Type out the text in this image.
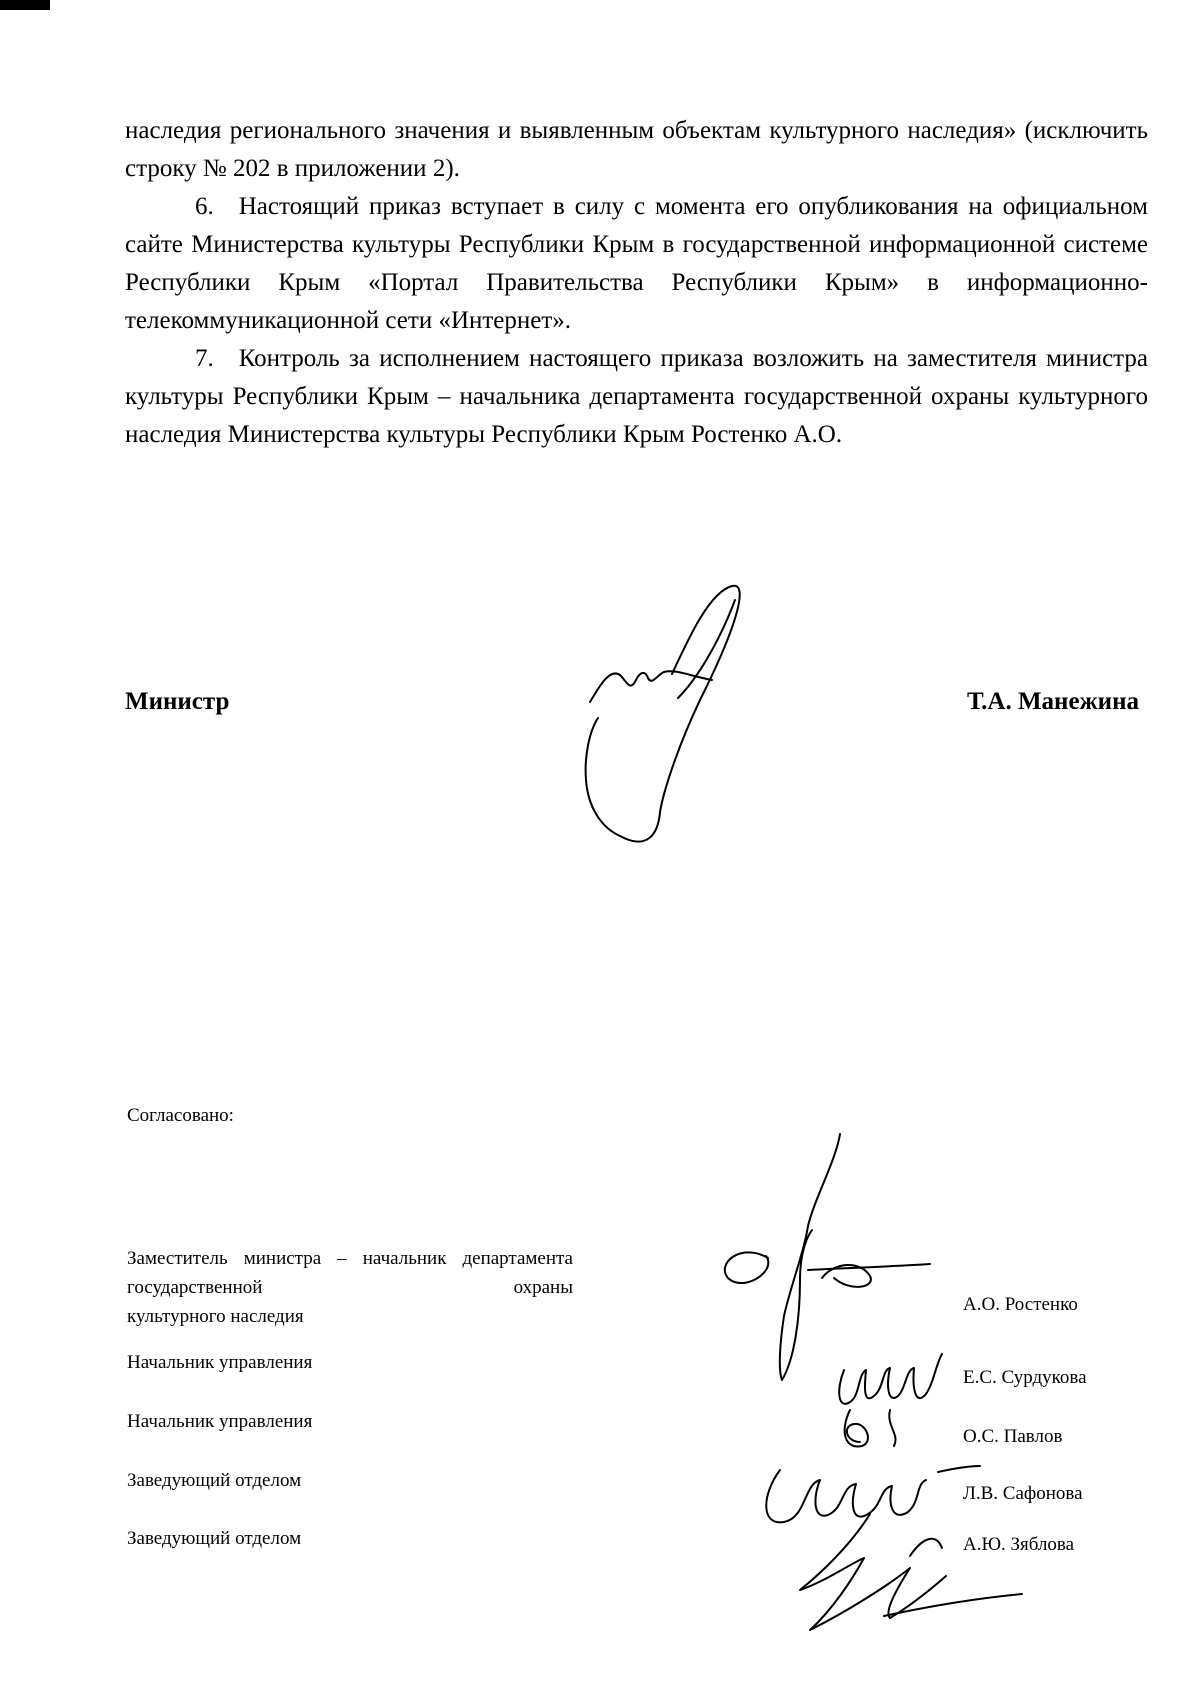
наследия регионального значения и выявленным объектам культурного наследия» (исключить строку № 202 в приложении 2).

6. Настоящий приказ вступает в силу с момента его опубликования на официальном сайте Министерства культуры Республики Крым в государственной информационной системе Республики Крым «Портал Правительства Республики Крым» в информационно-телекоммуникационной сети «Интернет».

7. Контроль за исполнением настоящего приказа возложить на заместителя министра культуры Республики Крым – начальника департамента государственной охраны культурного наследия Министерства культуры Республики Крым Ростенко А.О.

Министр	Т.А. Манежина
Согласовано:
Заместитель министра – начальник департамента государственной охраны
культурного наследия
А.О. Ростенко
Начальник управления
Е.С. Сурдукова
Начальник управления
О.С. Павлов
Заведующий отделом
Л.В. Сафонова
Заведующий отделом	А.Ю. Зяблова
